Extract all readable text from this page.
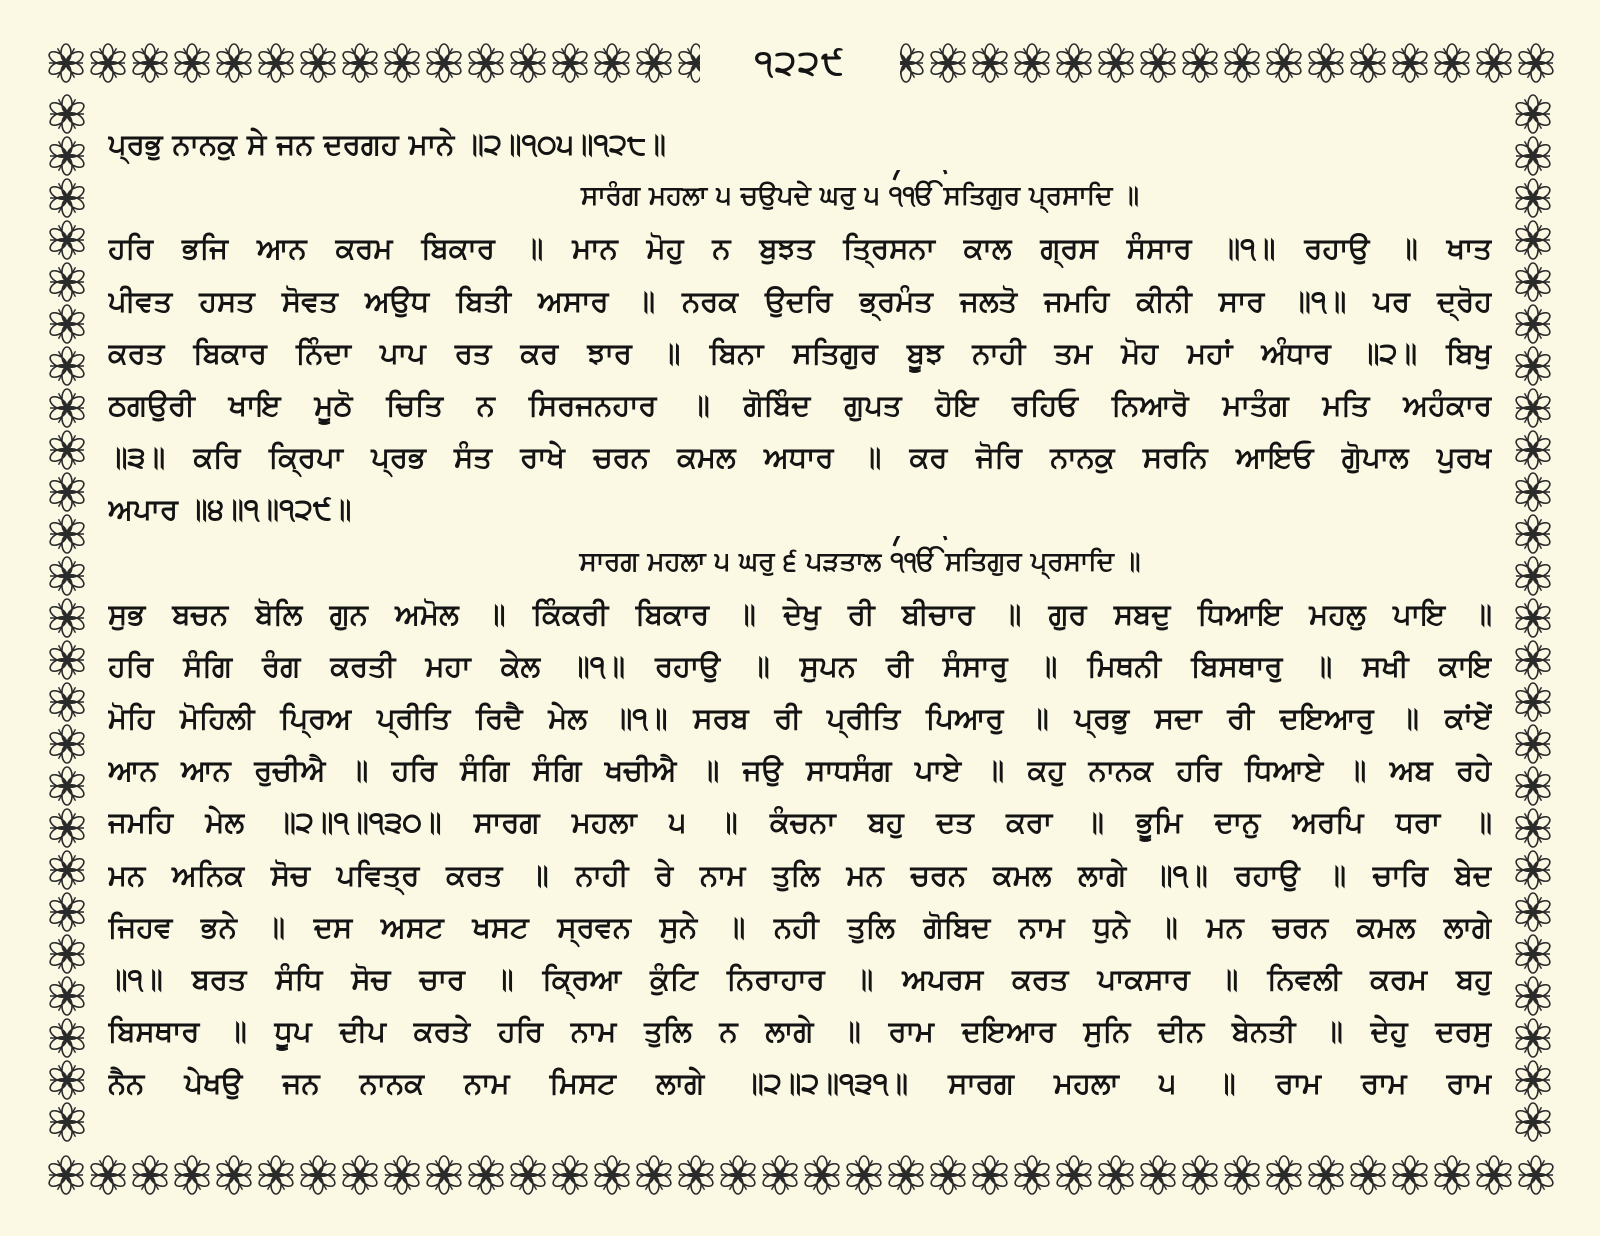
੧੨੨੯
ਪ੍ਰਭੁ ਨਾਨਕੁ ਸੇ ਜਨ ਦਰਗਹ ਮਾਨੇ ॥੨॥੧੦੫॥੧੨੮॥
ਸਾਰੰਗ ਮਹਲਾ ੫ ਚਉਪਦੇ ਘਰੁ ੫ ੧ੴ ਸਤਿਗੁਰ ਪ੍ਰਸਾਦਿ ॥
ਹਰਿ ਭਜਿ ਆਨ ਕਰਮ ਬਿਕਾਰ ॥ ਮਾਨ ਮੋਹੁ ਨ ਬੁਝਤ ਤ੍ਰਿਸਨਾ ਕਾਲ ਗ੍ਰਸ ਸੰਸਾਰ ॥੧॥ ਰਹਾਉ ॥ ਖਾਤ
ਪੀਵਤ ਹਸਤ ਸੋਵਤ ਅਉਧ ਬਿਤੀ ਅਸਾਰ ॥ ਨਰਕ ਉਦਰਿ ਭ੍ਰਮੰਤ ਜਲਤੋ ਜਮਹਿ ਕੀਨੀ ਸਾਰ ॥੧॥ ਪਰ ਦ੍ਰੋਹ
ਕਰਤ ਬਿਕਾਰ ਨਿੰਦਾ ਪਾਪ ਰਤ ਕਰ ਝਾਰ ॥ ਬਿਨਾ ਸਤਿਗੁਰ ਬੂਝ ਨਾਹੀ ਤਮ ਮੋਹ ਮਹਾਂ ਅੰਧਾਰ ॥੨॥ ਬਿਖੁ
ਠਗਉਰੀ ਖਾਇ ਮੂਠੋ ਚਿਤਿ ਨ ਸਿਰਜਨਹਾਰ ॥ ਗੋਬਿੰਦ ਗੁਪਤ ਹੋਇ ਰਹਿਓ ਨਿਆਰੋ ਮਾਤੰਗ ਮਤਿ ਅਹੰਕਾਰ
॥੩॥ ਕਰਿ ਕ੍ਰਿਪਾ ਪ੍ਰਭ ਸੰਤ ਰਾਖੇ ਚਰਨ ਕਮਲ ਅਧਾਰ ॥ ਕਰ ਜੋਰਿ ਨਾਨਕੁ ਸਰਨਿ ਆਇਓ ਗੋੁਪਾਲ ਪੁਰਖ
ਅਪਾਰ ॥੪॥੧॥੧੨੯॥
ਸਾਰਗ ਮਹਲਾ ੫ ਘਰੁ ੬ ਪੜਤਾਲ ੧ੴ ਸਤਿਗੁਰ ਪ੍ਰਸਾਦਿ ॥
ਸੁਭ ਬਚਨ ਬੋਲਿ ਗੁਨ ਅਮੋਲ ॥ ਕਿੰਕਰੀ ਬਿਕਾਰ ॥ ਦੇਖੁ ਰੀ ਬੀਚਾਰ ॥ ਗੁਰ ਸਬਦੁ ਧਿਆਇ ਮਹਲੁ ਪਾਇ ॥
ਹਰਿ ਸੰਗਿ ਰੰਗ ਕਰਤੀ ਮਹਾ ਕੇਲ ॥੧॥ ਰਹਾਉ ॥ ਸੁਪਨ ਰੀ ਸੰਸਾਰੁ ॥ ਮਿਥਨੀ ਬਿਸਥਾਰੁ ॥ ਸਖੀ ਕਾਇ
ਮੋਹਿ ਮੋਹਿਲੀ ਪ੍ਰਿਅ ਪ੍ਰੀਤਿ ਰਿਦੈ ਮੇਲ ॥੧॥ ਸਰਬ ਰੀ ਪ੍ਰੀਤਿ ਪਿਆਰੁ ॥ ਪ੍ਰਭੁ ਸਦਾ ਰੀ ਦਇਆਰੁ ॥ ਕਾਂਏਂ
ਆਨ ਆਨ ਰੁਚੀਐ ॥ ਹਰਿ ਸੰਗਿ ਸੰਗਿ ਖਚੀਐ ॥ ਜਉ ਸਾਧਸੰਗ ਪਾਏ ॥ ਕਹੁ ਨਾਨਕ ਹਰਿ ਧਿਆਏ ॥ ਅਬ ਰਹੇ
ਜਮਹਿ ਮੇਲ ॥੨॥੧॥੧੩੦॥ ਸਾਰਗ ਮਹਲਾ ੫ ॥ ਕੰਚਨਾ ਬਹੁ ਦਤ ਕਰਾ ॥ ਭੂਮਿ ਦਾਨੁ ਅਰਪਿ ਧਰਾ ॥
ਮਨ ਅਨਿਕ ਸੋਚ ਪਵਿਤ੍ਰ ਕਰਤ ॥ ਨਾਹੀ ਰੇ ਨਾਮ ਤੁਲਿ ਮਨ ਚਰਨ ਕਮਲ ਲਾਗੇ ॥੧॥ ਰਹਾਉ ॥ ਚਾਰਿ ਬੇਦ
ਜਿਹਵ ਭਨੇ ॥ ਦਸ ਅਸਟ ਖਸਟ ਸ੍ਰਵਨ ਸੁਨੇ ॥ ਨਹੀ ਤੁਲਿ ਗੋਬਿਦ ਨਾਮ ਧੁਨੇ ॥ ਮਨ ਚਰਨ ਕਮਲ ਲਾਗੇ
॥੧॥ ਬਰਤ ਸੰਧਿ ਸੋਚ ਚਾਰ ॥ ਕ੍ਰਿਆ ਕੁੰਟਿ ਨਿਰਾਹਾਰ ॥ ਅਪਰਸ ਕਰਤ ਪਾਕਸਾਰ ॥ ਨਿਵਲੀ ਕਰਮ ਬਹੁ
ਬਿਸਥਾਰ ॥ ਧੂਪ ਦੀਪ ਕਰਤੇ ਹਰਿ ਨਾਮ ਤੁਲਿ ਨ ਲਾਗੇ ॥ ਰਾਮ ਦਇਆਰ ਸੁਨਿ ਦੀਨ ਬੇਨਤੀ ॥ ਦੇਹੁ ਦਰਸੁ
ਨੈਨ ਪੇਖਉ ਜਨ ਨਾਨਕ ਨਾਮ ਮਿਸਟ ਲਾਗੇ ॥੨॥੨॥੧੩੧॥ ਸਾਰਗ ਮਹਲਾ ੫ ॥ ਰਾਮ ਰਾਮ ਰਾਮ
